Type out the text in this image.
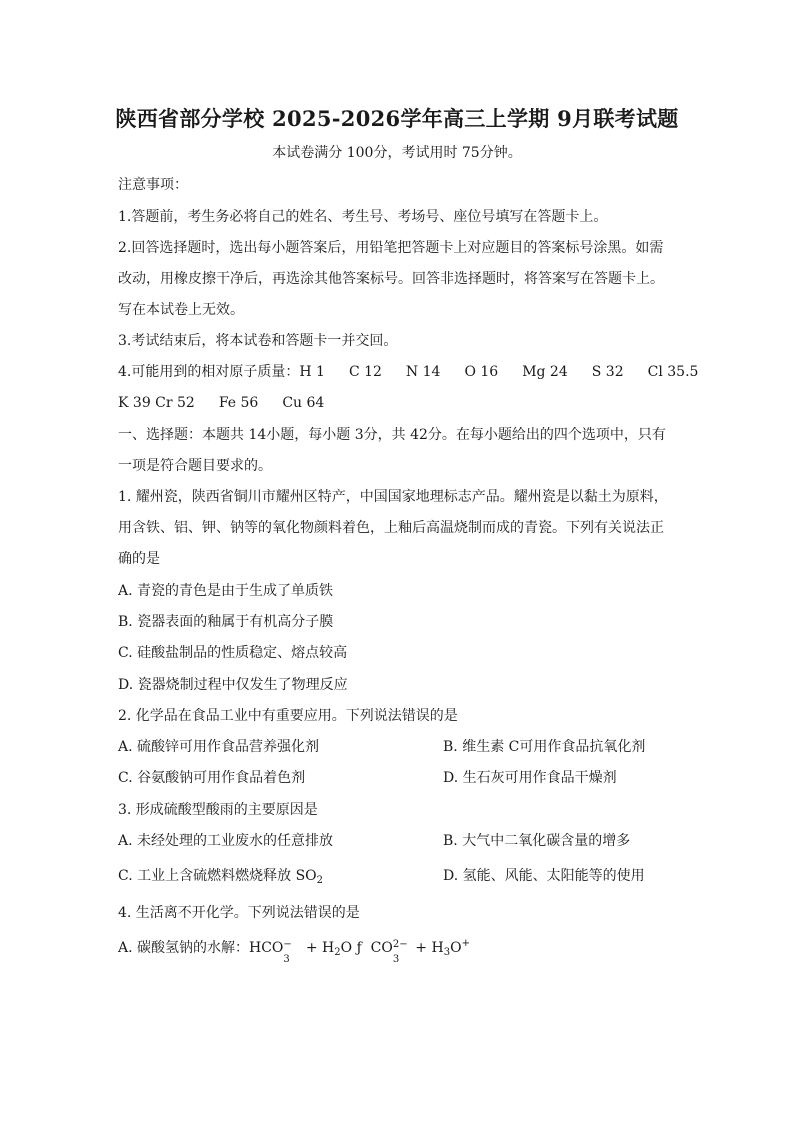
陕西省部分学校 2025-2026学年高三上学期 9月联考试题
本试卷满分 100分，考试用时 75分钟。
注意事项：
1.答题前，考生务必将自己的姓名、考生号、考场号、座位号填写在答题卡上。
2.回答选择题时，选出每小题答案后，用铅笔把答题卡上对应题目的答案标号涂黑。如需
改动，用橡皮擦干净后，再选涂其他答案标号。回答非选择题时，将答案写在答题卡上。
写在本试卷上无效。
3.考试结束后，将本试卷和答题卡一并交回。
4.可能用到的相对原子质量：H 1 C 12 N 14 O 16 Mg 24 S 32 Cl 35.5
K 39 Cr 52 Fe 56 Cu 64
一、选择题：本题共 14小题，每小题 3分，共 42分。在每小题给出的四个选项中，只有
一项是符合题目要求的。
1. 耀州瓷，陕西省铜川市耀州区特产，中国国家地理标志产品。耀州瓷是以黏土为原料，
用含铁、铝、钾、钠等的氧化物颜料着色，上釉后高温烧制而成的青瓷。下列有关说法正
确的是
A. 青瓷的青色是由于生成了单质铁
B. 瓷器表面的釉属于有机高分子膜
C. 硅酸盐制品的性质稳定、熔点较高
D. 瓷器烧制过程中仅发生了物理反应
2. 化学品在食品工业中有重要应用。下列说法错误的是
A. 硫酸锌可用作食品营养强化剂	B. 维生素 C可用作食品抗氧化剂
C. 谷氨酸钠可用作食品着色剂	D. 生石灰可用作食品干燥剂
3. 形成硫酸型酸雨的主要原因是
A. 未经处理的工业废水的任意排放	B. 大气中二氧化碳含量的增多
C. 工业上含硫燃料燃烧释放 $SO_2$	D. 氢能、风能、太阳能等的使用
4. 生活离不开化学。下列说法错误的是
A. 碳酸氢钠的水解：HCO −
3
+ $H_2O$ ƒ CO 2−
3
+ $H_3O^+$
